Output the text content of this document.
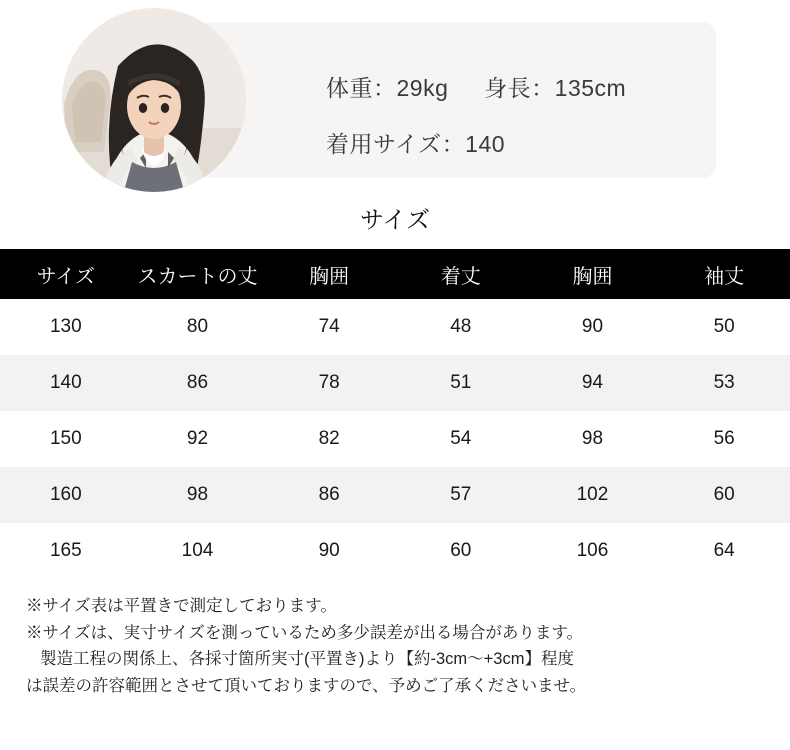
体重：29kg 身長：135cm
着用サイズ：140
サイズ
サイズ	スカートの丈	胸囲	着丈	胸囲	袖丈
130	80	74	48	90	50
140	86	78	51	94	53
150	92	82	54	98	56
160	98	86	57	102	60
165	104	90	60	106	64

※サイズ表は平置きで測定しております。

※サイズは、実寸サイズを測っているため多少誤差が出る場合があります。

製造工程の関係上、各採寸箇所実寸(平置き)より【約-3cm〜+3cm】程度

は誤差の許容範囲とさせて頂いておりますので、予めご了承くださいませ。
